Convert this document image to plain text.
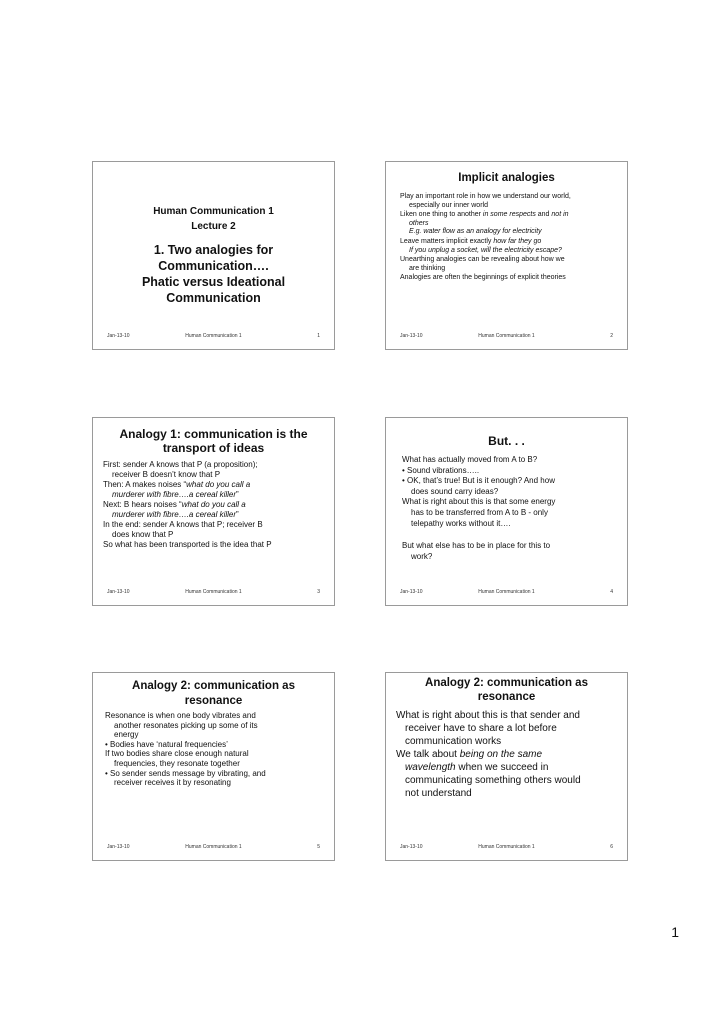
Human Communication 1
Lecture 2
1. Two analogies for
Communication….
Phatic versus Ideational
Communication
Jan-13-10	Human Communication 1	1

Implicit analogies

Play an important role in how we understand our world,

especially our inner world

Liken one thing to another in some respects and not in

others

E.g. water flow as an analogy for electricity

Leave matters implicit exactly how far they go

If you unplug a socket, will the electricity escape?

Unearthing analogies can be revealing about how we

are thinking

Analogies are often the beginnings of explicit theories

Jan-13-10	Human Communication 1	2
Analogy 1: communication is the
transport of ideas

First: sender A knows that P (a proposition);

receiver B doesn’t know that P

Then: A makes noises “what do you call a

murderer with fibre….a cereal killer”

Next: B hears noises “what do you call a

murderer with fibre….a cereal killer”

In the end: sender A knows that P; receiver B

does know that P

So what has been transported is the idea that P

Jan-13-10	Human Communication 1	3

But. . .

What has actually moved from A to B?

• Sound vibrations…..

• OK, that’s true! But is it enough? And how

does sound carry ideas?

What is right about this is that some energy

has to be transferred from A to B - only

telepathy works without it….

But what else has to be in place for this to

work?

Jan-13-10	Human Communication 1	4
Analogy 2: communication as
resonance

Resonance is when one body vibrates and

another resonates picking up some of its

energy

• Bodies have ‘natural frequencies’

If two bodies share close enough natural

frequencies, they resonate together

• So sender sends message by vibrating, and

receiver receives it by resonating

Jan-13-10	Human Communication 1	5
Analogy 2: communication as
resonance

What is right about this is that sender and

receiver have to share a lot before

communication works

We talk about being on the same

wavelength when we succeed in

communicating something others would

not understand

Jan-13-10	Human Communication 1	6
1
